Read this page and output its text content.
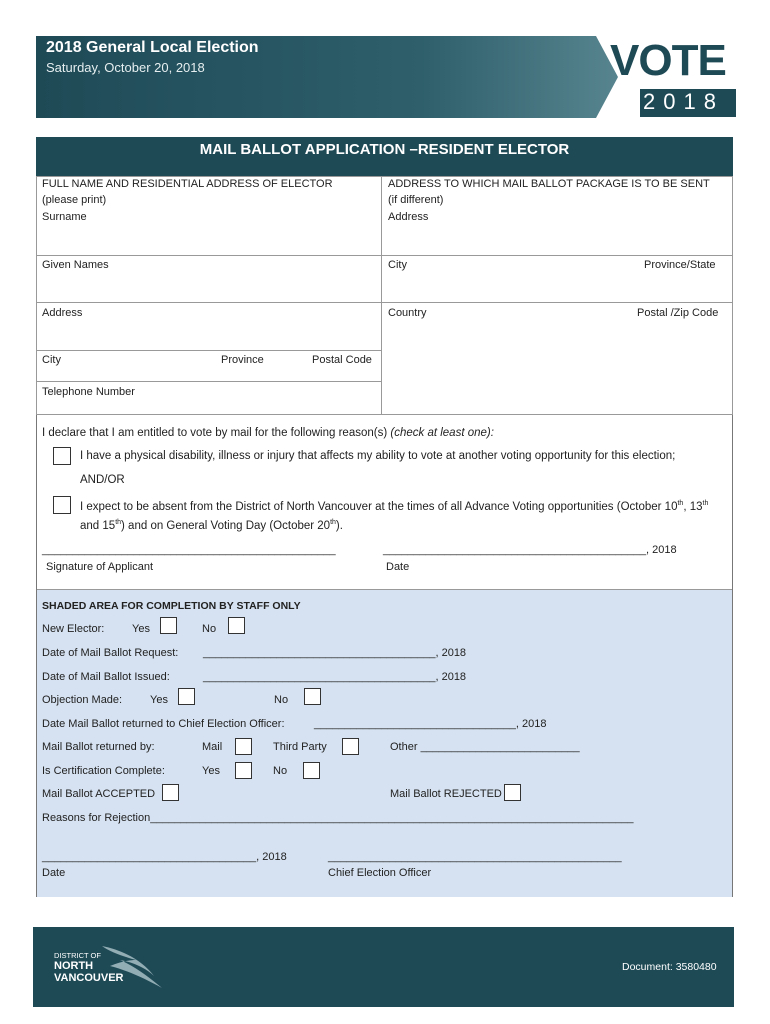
2018 General Local Election
Saturday, October 20, 2018	VOTE
2018
MAIL BALLOT APPLICATION –RESIDENT ELECTOR
FULL NAME AND RESIDENTIAL ADDRESS OF ELECTOR
(please print)
Surname
Given Names
Address
City	Province	Postal Code
Telephone Number
ADDRESS TO WHICH MAIL BALLOT PACKAGE IS TO BE SENT
(if different)
Address
City	Province/State
Country	Postal /Zip Code
I declare that I am entitled to vote by mail for the following reason(s) (check at least one):
I have a physical disability, illness or injury that affects my ability to vote at another voting opportunity for this election;
AND/OR
I expect to be absent from the District of North Vancouver at the times of all Advance Voting opportunities (October 10th, 13th
and 15th) and on General Voting Day (October 20th).
________________________________________________	___________________________________________, 2018
Signature of Applicant	Date
SHADED AREA FOR COMPLETION BY STAFF ONLY
New Elector:	Yes	No
Date of Mail Ballot Request: ______________________________________, 2018
Date of Mail Ballot Issued:	______________________________________, 2018
Objection Made:	Yes	No
Date Mail Ballot returned to Chief Election Officer:	_________________________________, 2018
Mail Ballot returned by:	Mail	Third Party	Other __________________________
Is Certification Complete:	Yes	No
Mail Ballot ACCEPTED	Mail Ballot REJECTED
Reasons for Rejection_______________________________________________________________________________
___________________________________, 2018	________________________________________________
Date	Chief Election Officer
DISTRICT OF
NORTH
VANCOUVER
Document: 3580480
